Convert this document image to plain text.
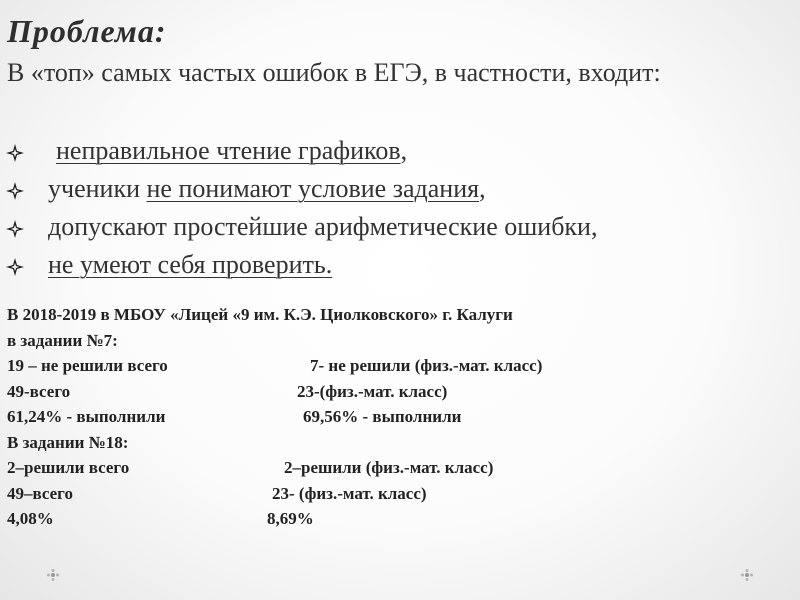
Проблема:
В «топ» самых частых ошибок в ЕГЭ, в частности, входит:
неправильное чтение графиков,
ученики не понимают условие задания,
допускают простейшие арифметические ошибки,
не умеют себя проверить.
В 2018-2019 в МБОУ «Лицей «9 им. К.Э. Циолковского» г. Калуги
в задании №7:
19 – не решили всего	7- не решили (физ.-мат. класс)
49-всего	23-(физ.-мат. класс)
61,24% - выполнили	69,56% - выполнили
В задании №18:
2–решили всего	2–решили (физ.-мат. класс)
49–всего	23- (физ.-мат. класс)
4,08%	8,69%
